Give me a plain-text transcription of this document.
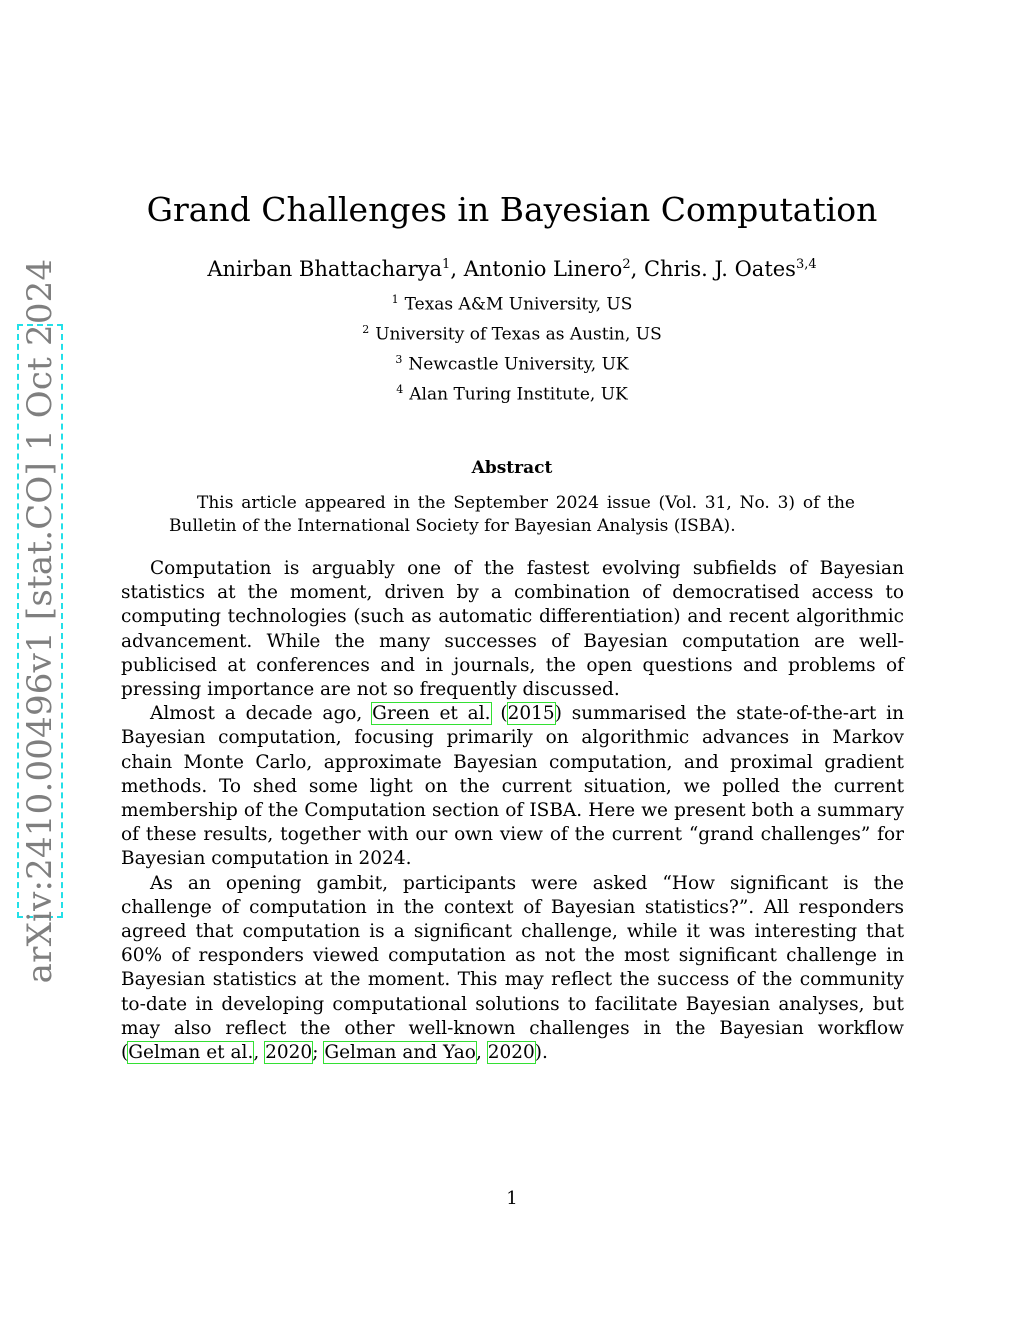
arXiv:2410.00496v1 [stat.CO] 1 Oct 2024
Grand Challenges in Bayesian Computation
Anirban Bhattacharya$^1$, Antonio Linero$^2$, Chris. J. Oates$^{3,4}$
$^1$ Texas A&M University, US
$^2$ University of Texas as Austin, US
$^3$ Newcastle University, UK
$^4$ Alan Turing Institute, UK
Abstract

This article appeared in the September 2024 issue (Vol. 31, No. 3) of the Bulletin of the International Society for Bayesian Analysis (ISBA).

Computation is arguably one of the fastest evolving subfields of Bayesian statistics at the moment, driven by a combination of democratised access to computing technologies (such as automatic differentiation) and recent algorithmic advancement. While the many successes of Bayesian computation are well-publicised at conferences and in journals, the open questions and problems of pressing importance are not so frequently discussed.

Almost a decade ago, Green et al. (2015) summarised the state-of-the-art in Bayesian computation, focusing primarily on algorithmic advances in Markov chain Monte Carlo, approximate Bayesian computation, and proximal gradient methods. To shed some light on the current situation, we polled the current membership of the Computation section of ISBA. Here we present both a summary of these results, together with our own view of the current “grand challenges” for Bayesian computation in 2024.

As an opening gambit, participants were asked “How significant is the challenge of computation in the context of Bayesian statistics?”. All responders agreed that computation is a significant challenge, while it was interesting that 60% of responders viewed computation as not the most significant challenge in Bayesian statistics at the moment. This may reflect the success of the community to-date in developing computational solutions to facilitate Bayesian analyses, but may also reflect the other well-known challenges in the Bayesian workflow (Gelman et al., 2020; Gelman and Yao, 2020).

1
